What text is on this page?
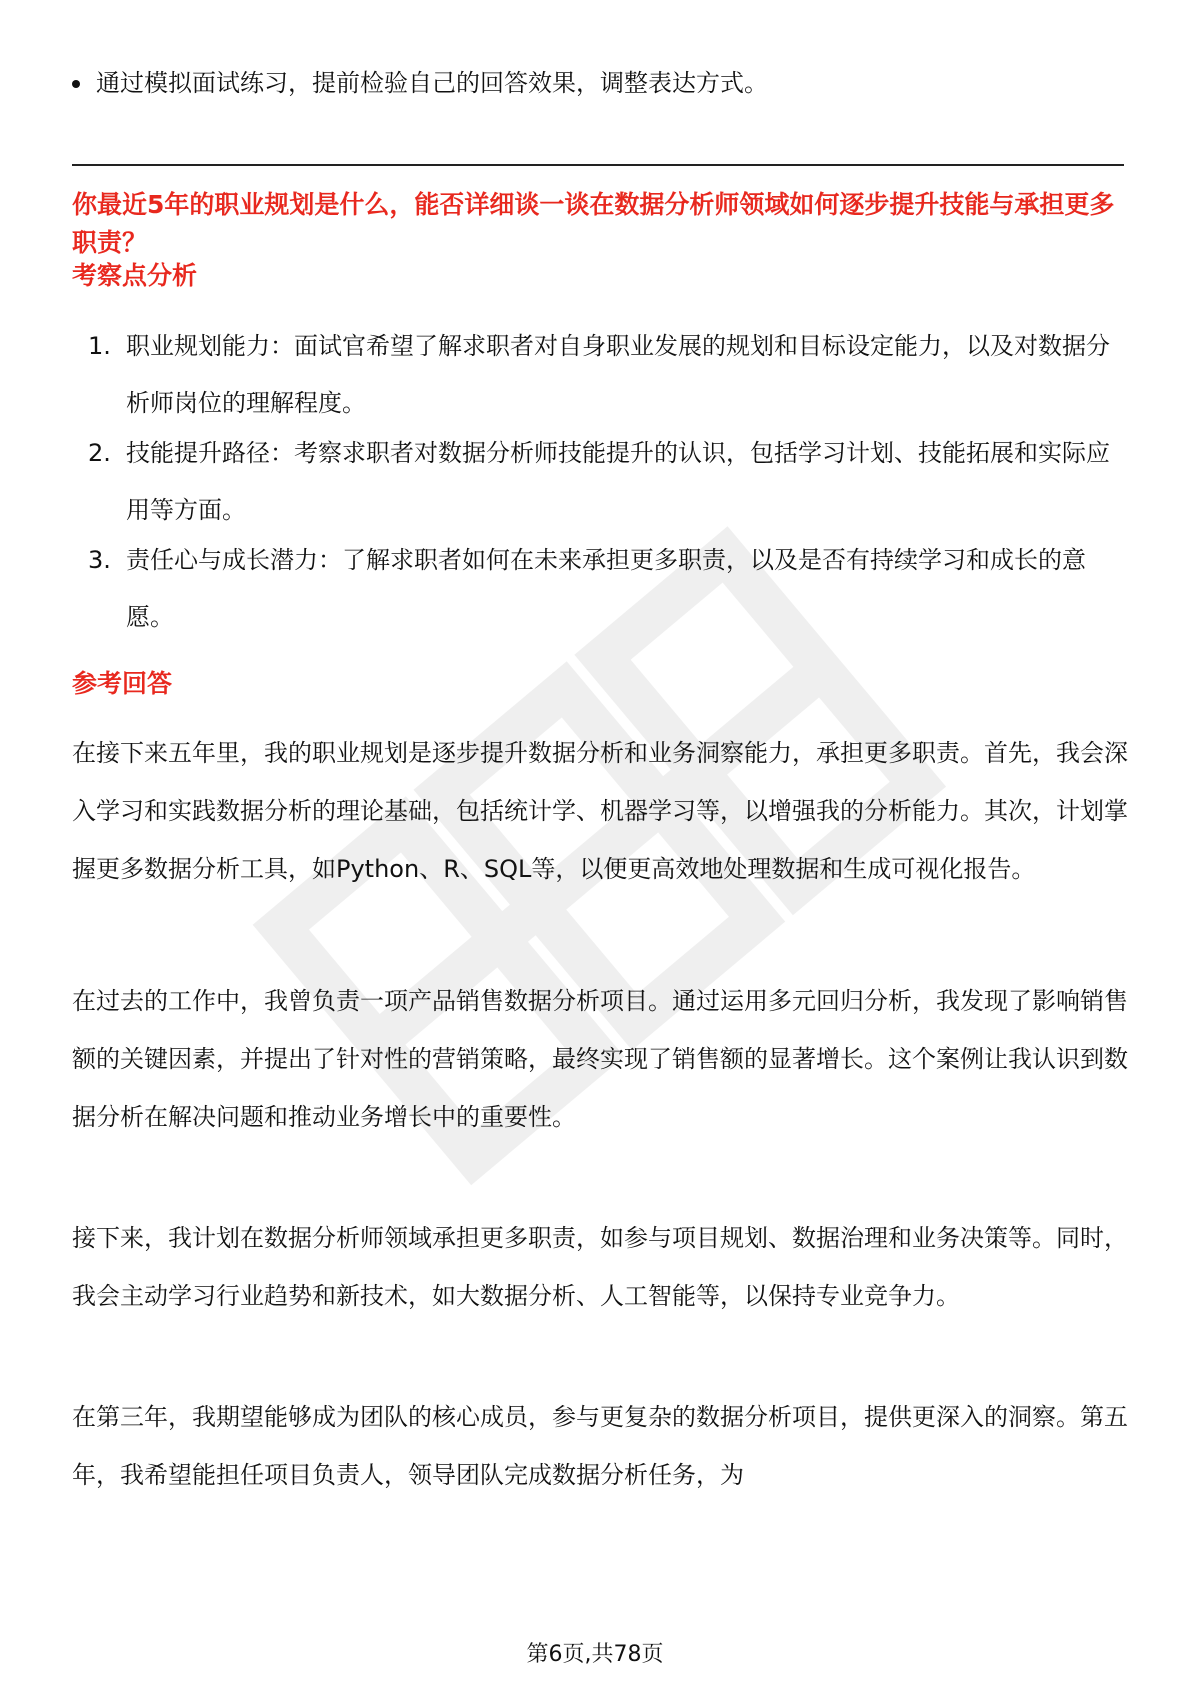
通过模拟面试练习，提前检验自己的回答效果，调整表达方式。
你最近5年的职业规划是什么，能否详细谈一谈在数据分析师领域如何逐步提升技能与承担更多职责？
考察点分析
1. 职业规划能力：面试官希望了解求职者对自身职业发展的规划和目标设定能力，以及对数据分析师岗位的理解程度。
2. 技能提升路径：考察求职者对数据分析师技能提升的认识，包括学习计划、技能拓展和实际应用等方面。
3. 责任心与成长潜力：了解求职者如何在未来承担更多职责，以及是否有持续学习和成长的意愿。
参考回答
在接下来五年里，我的职业规划是逐步提升数据分析和业务洞察能力，承担更多职责。首先，我会深入学习和实践数据分析的理论基础，包括统计学、机器学习等，以增强我的分析能力。其次，计划掌握更多数据分析工具，如Python、R、SQL等，以便更高效地处理数据和生成可视化报告。
在过去的工作中，我曾负责一项产品销售数据分析项目。通过运用多元回归分析，我发现了影响销售额的关键因素，并提出了针对性的营销策略，最终实现了销售额的显著增长。这个案例让我认识到数据分析在解决问题和推动业务增长中的重要性。
接下来，我计划在数据分析师领域承担更多职责，如参与项目规划、数据治理和业务决策等。同时，我会主动学习行业趋势和新技术，如大数据分析、人工智能等，以保持专业竞争力。
在第三年，我期望能够成为团队的核心成员，参与更复杂的数据分析项目，提供更深入的洞察。第五年，我希望能担任项目负责人，领导团队完成数据分析任务，为
第6页,共78页
